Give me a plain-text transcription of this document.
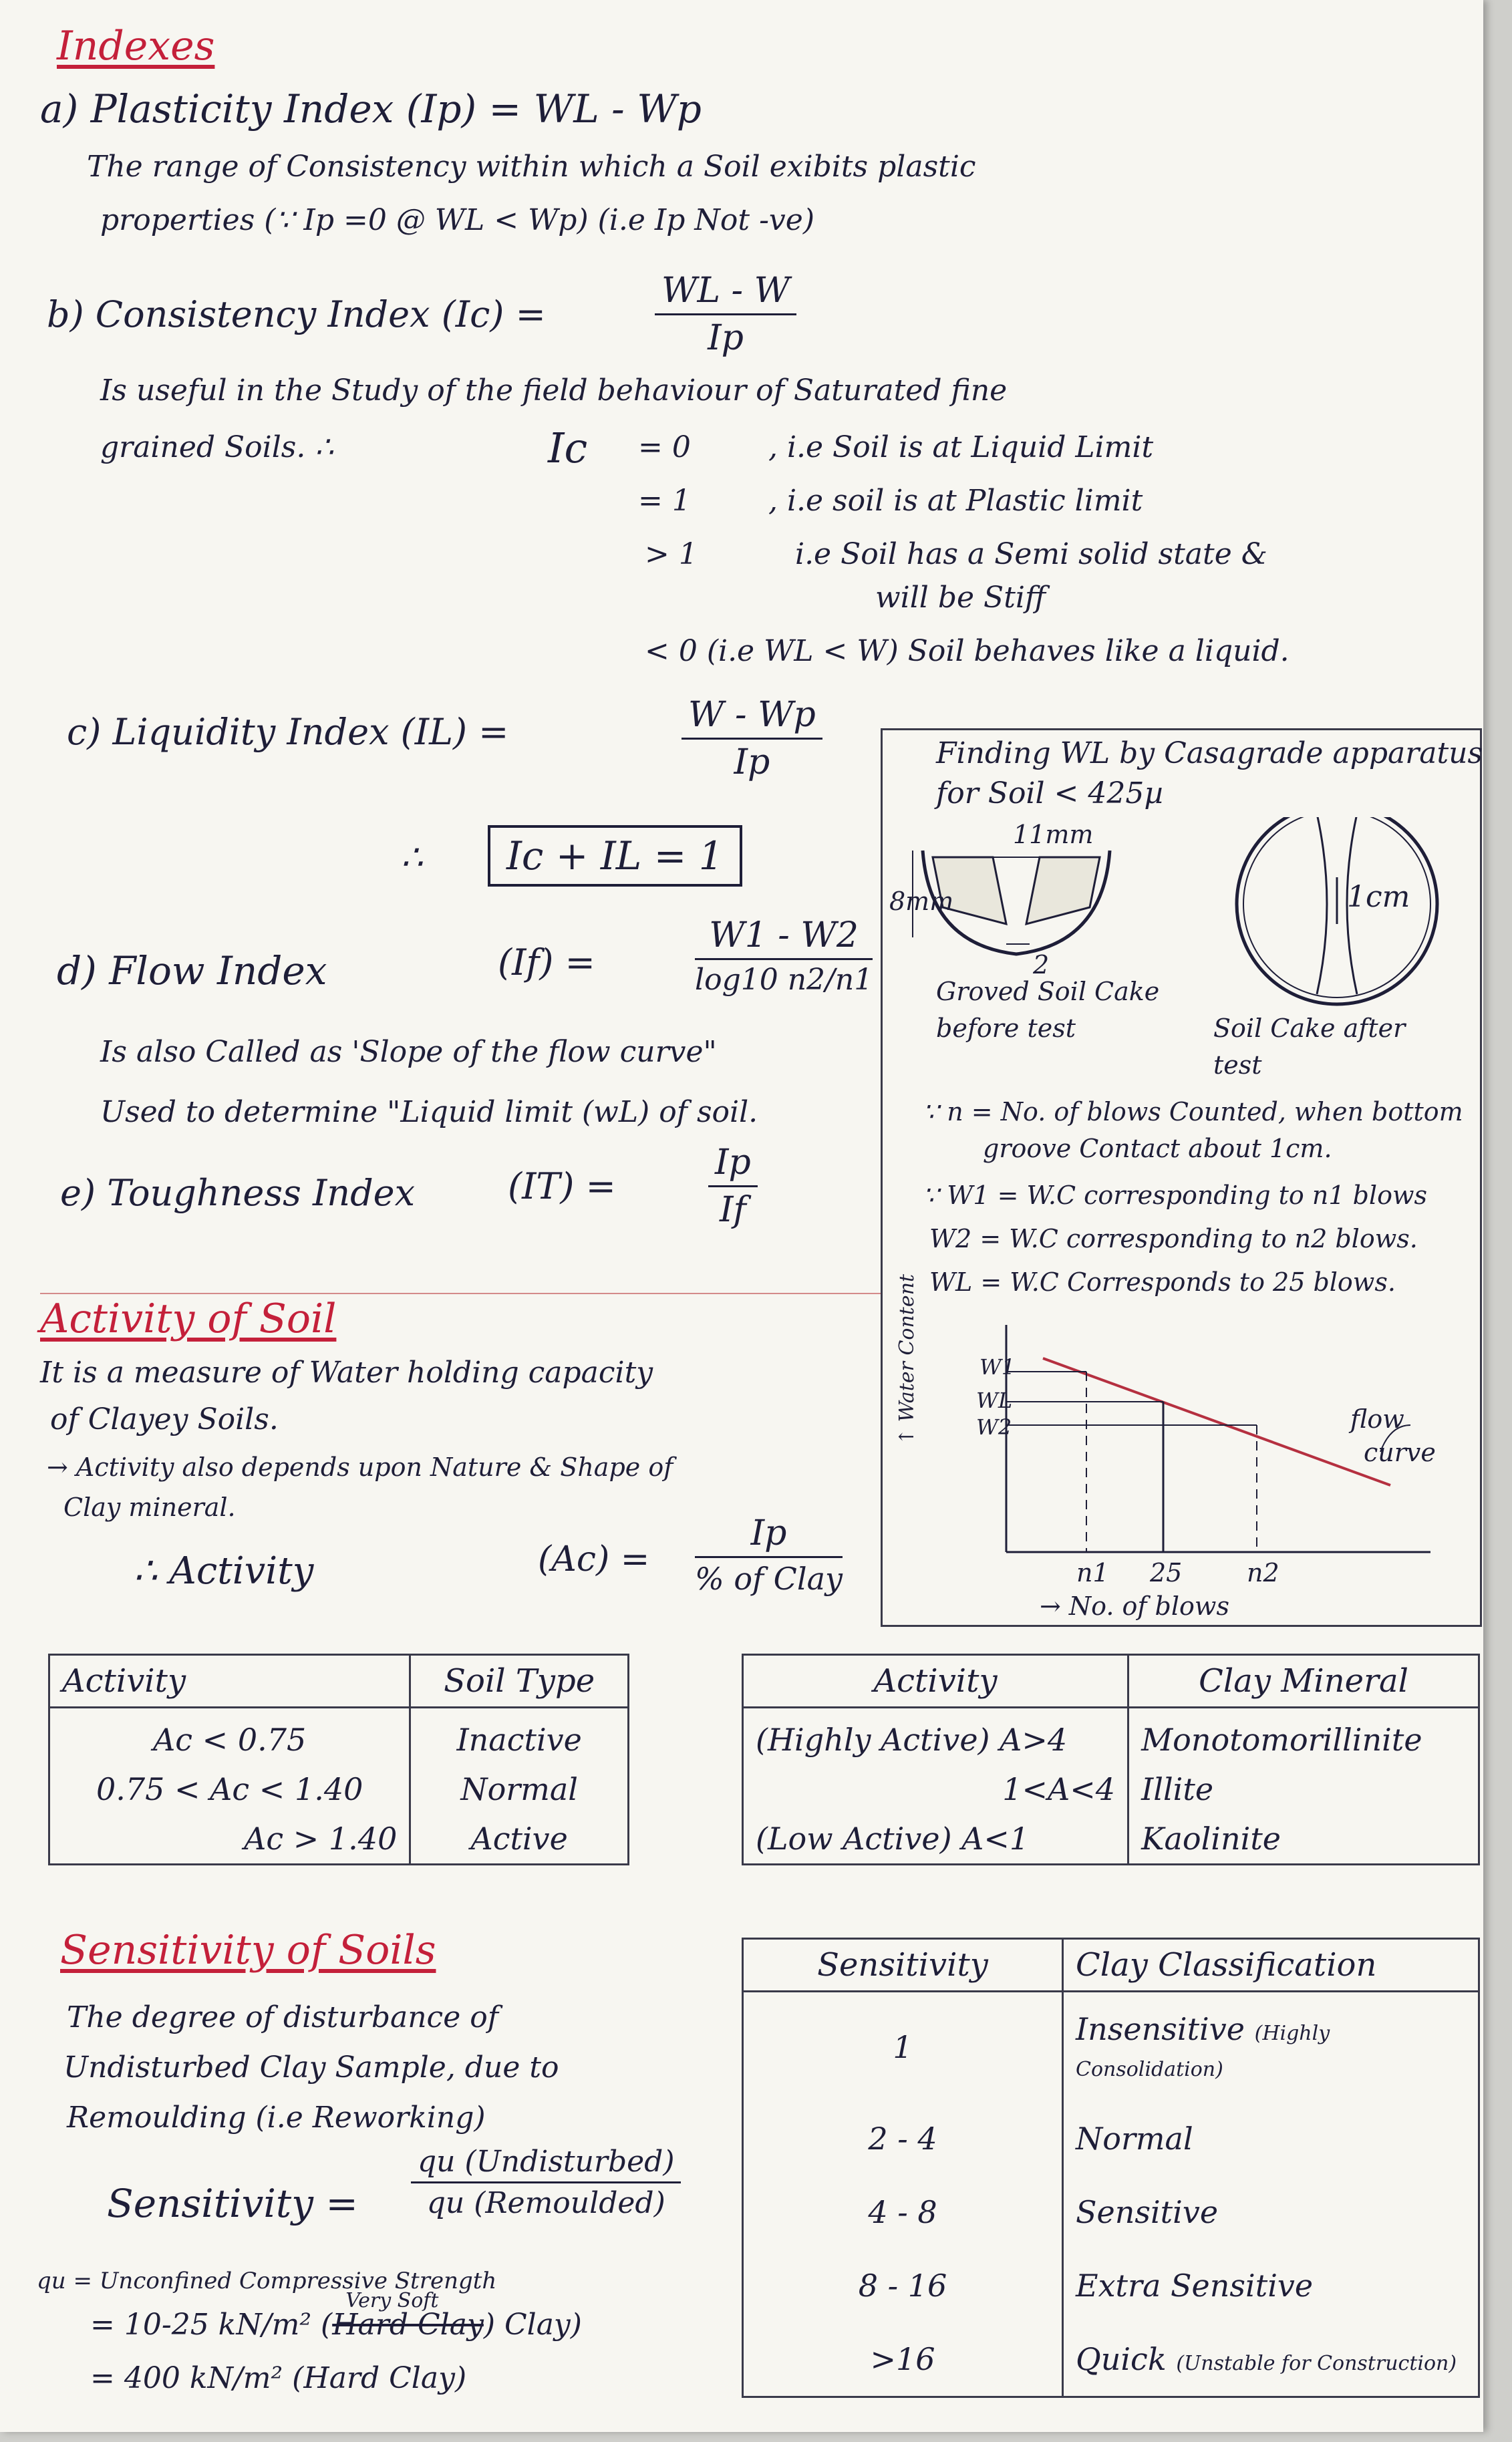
Indexes
a) Plasticity Index (Ip) = WL - Wp
The range of Consistency within which a Soil exibits plastic
properties (∵ Ip =0 @ WL < Wp) (i.e Ip Not -ve)
b) Consistency Index (Ic) =
WL - W
Ip
Is useful in the Study of the field behaviour of Saturated fine
grained Soils. ∴	Ic = 0	, i.e Soil is at Liquid Limit
= 1	, i.e soil is at Plastic limit
> 1	i.e Soil has a Semi solid state &
will be Stiff
< 0 (i.e WL < W) Soil behaves like a liquid.
c) Liquidity Index (IL) =	W - Wp
Ip
∴	Ic + IL = 1
d) Flow Index	(If) =
W1 - W2
log10 n2/n1
Is also Called as 'Slope of the flow curve"
Used to determine "Liquid limit (wL) of soil.
e) Toughness Index	(IT) =
Ip
If
Activity of Soil
It is a measure of Water holding capacity
of Clayey Soils.
→ Activity also depends upon Nature & Shape of
Clay mineral.
∴ Activity	(Ac) =
Ip
% of Clay
Activity	Soil Type
Ac < 0.75	Inactive
0.75 < Ac < 1.40	Normal
Ac > 1.40	Active
Activity	Clay Mineral
(Highly Active) A>4	Monotomorillinite
1<A<4	Illite
(Low Active) A<1	Kaolinite
Finding WL by Casagrade apparatus
for Soil < 425µ
11mm
8mm
2
1cm
Groved Soil Cake
before test	Soil Cake after
test
∵ n = No. of blows Counted, when bottom
groove Contact about 1cm.
∵ W1 = W.C corresponding to n1 blows
W2 = W.C corresponding to n2 blows.
WL = W.C Corresponds to 25 blows.
↑ Water Content	W1
WL
W2
n1 25	n2
→ No. of blows
flow
curve
Sensitivity of Soils
The degree of disturbance of
Undisturbed Clay Sample, due to
Remoulding (i.e Reworking)
Sensitivity =
qu (Undisturbed)
qu (Remoulded)
qu = Unconfined Compressive Strength
= 10-25 kN/m² (Hard Clay
Very Soft
) Clay)
= 400 kN/m² (Hard Clay)
Sensitivity	Clay Classification
1	Insensitive (Highly Consolidation)
2 - 4	Normal
4 - 8	Sensitive
8 - 16	Extra Sensitive
>16	Quick (Unstable for Construction)
